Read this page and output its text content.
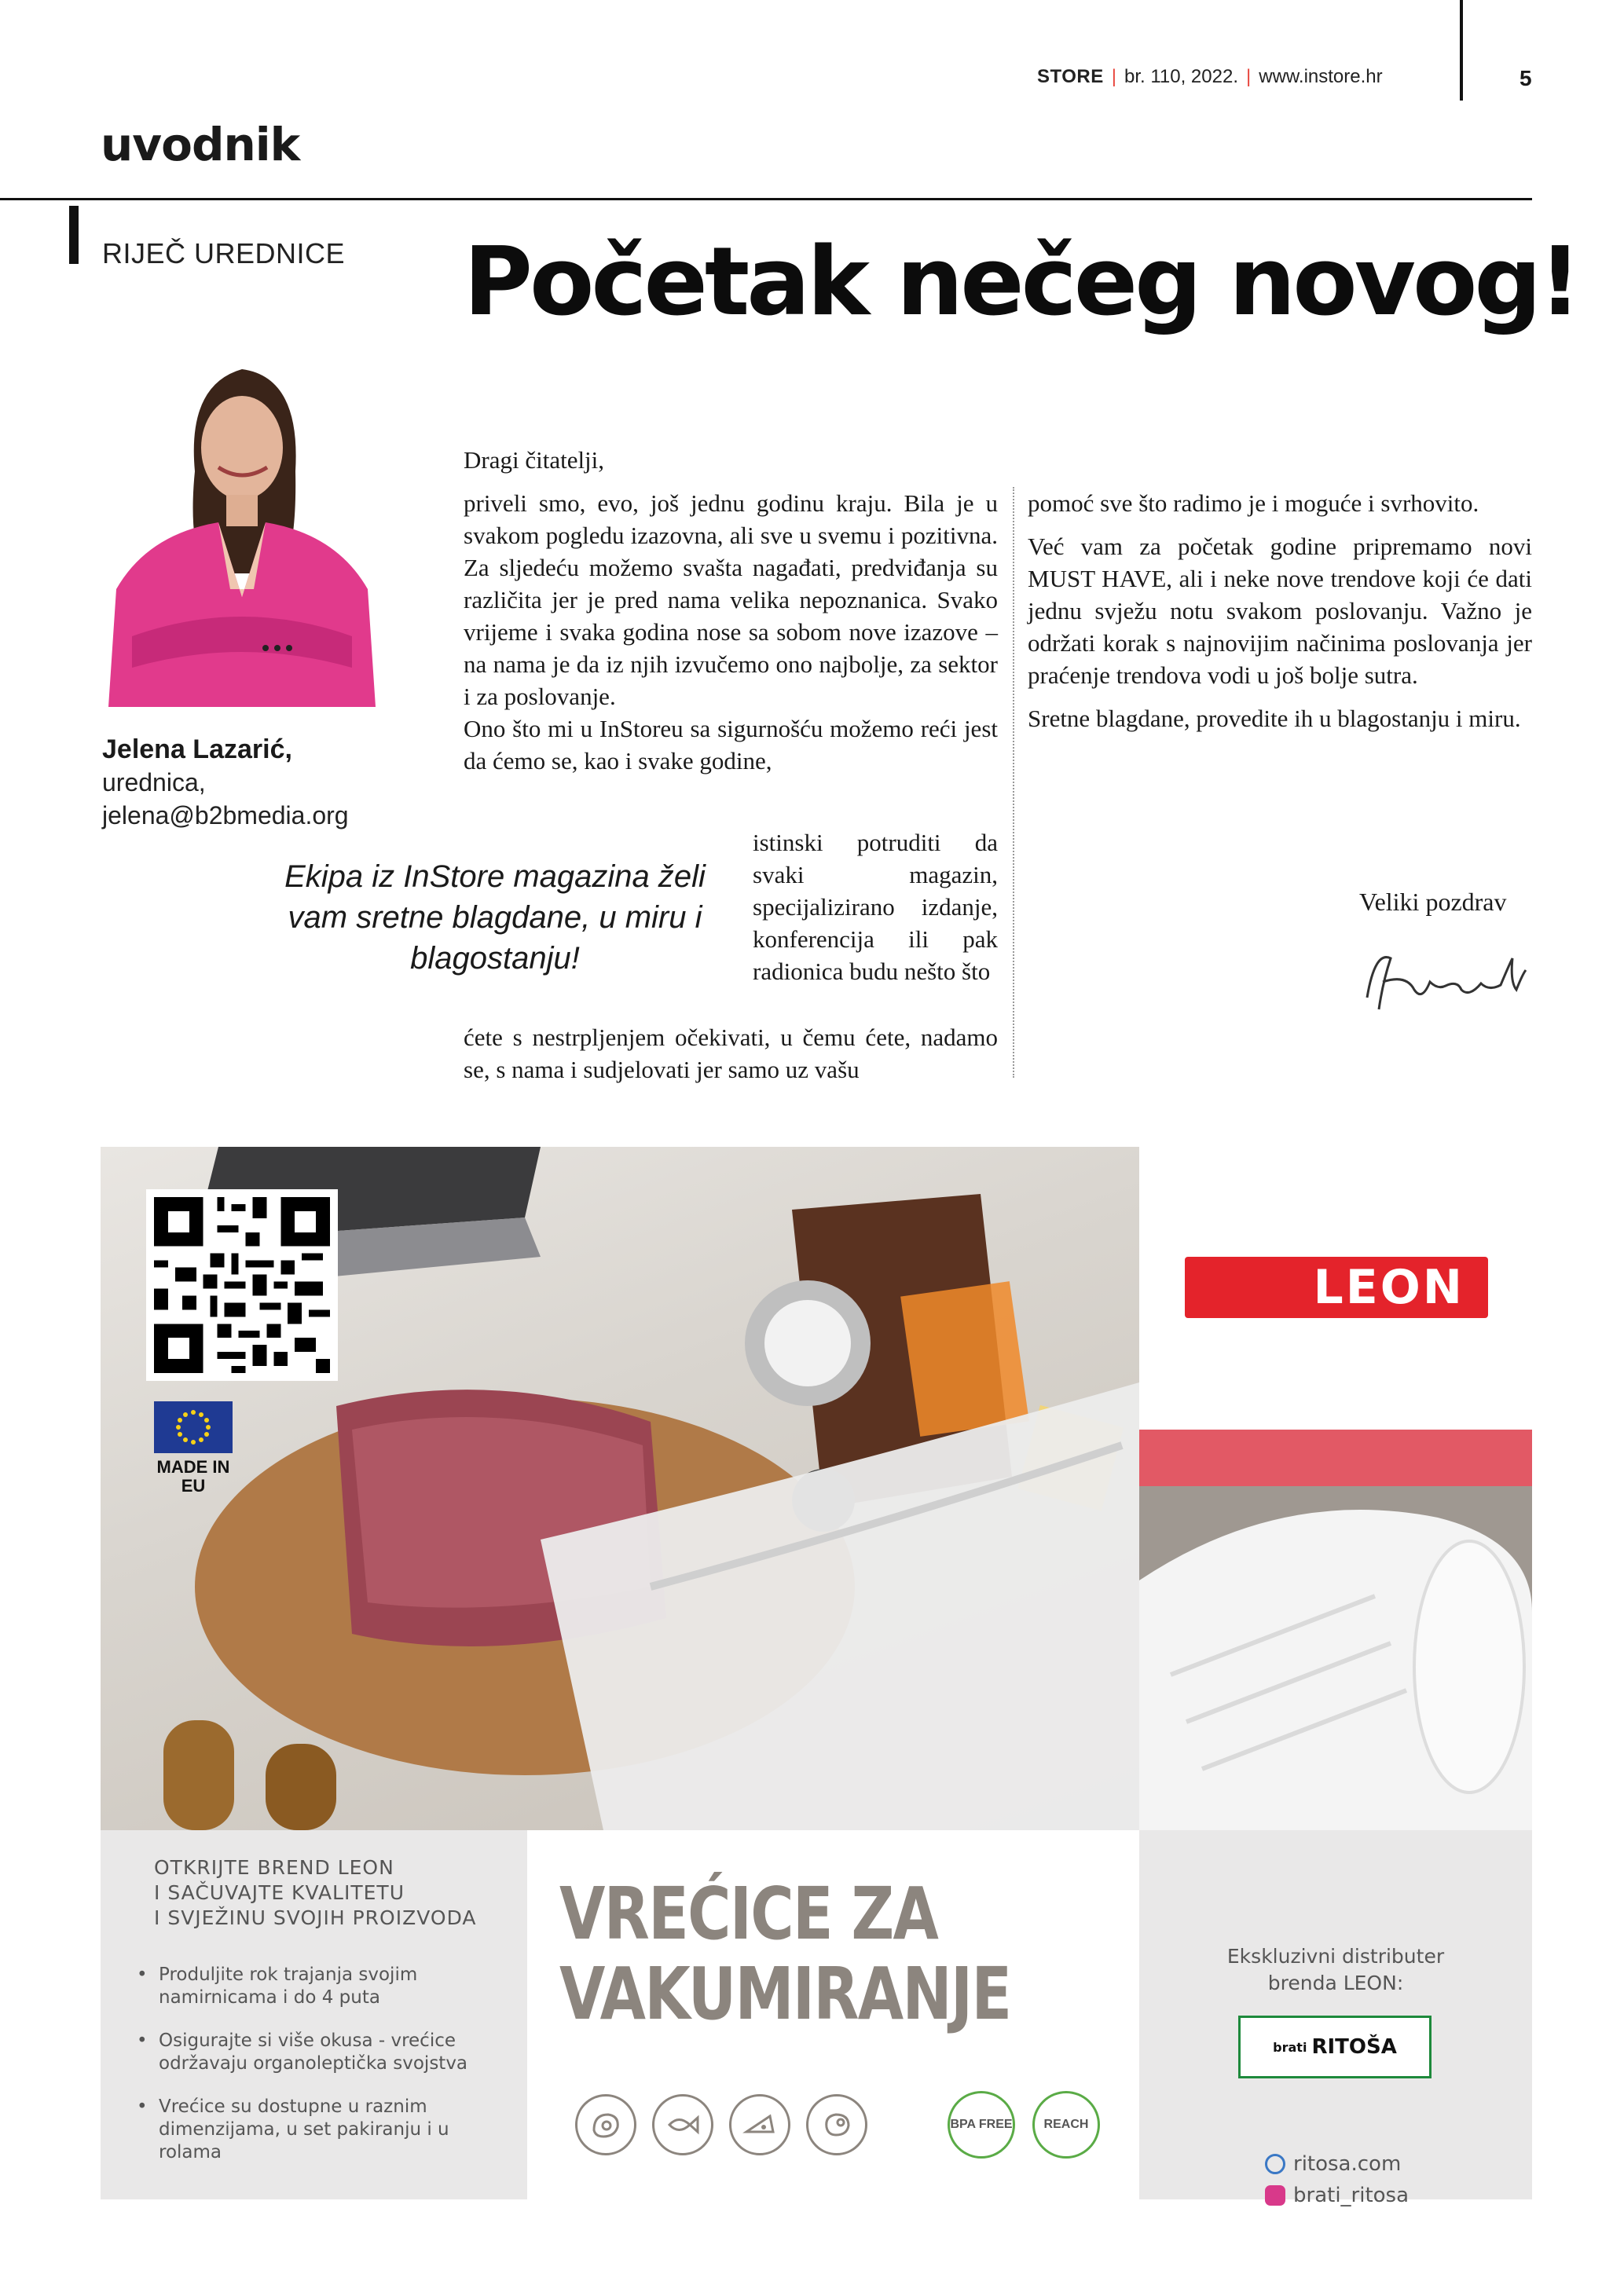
STORE | br. 110, 2022. | www.instore.hr	5
uvodnik
RIJEČ UREDNICE Početak nečeg novog!
Jelena Lazarić,
urednica,
jelena@b2bmedia.org
Dragi čitatelji,

priveli smo, evo, još jednu godinu kraju. Bila je u svakom pogledu izazovna, ali sve u svemu i pozitivna. Za sljedeću možemo svašta nagađati, predviđanja su različita jer je pred nama velika nepoznanica. Svako vrijeme i svaka godina nose sa sobom nove izazove – na nama je da iz njih izvučemo ono najbolje, za sektor i za poslovanje.

Ono što mi u InStoreu sa sigurnošću možemo reći jest da ćemo se, kao i svake godine,

istinski potruditi da svaki magazin, specijalizirano izdanje, konferencija ili pak radionica budu nešto što
ćete s nestrpljenjem očekivati, u čemu ćete, nadamo se, s nama i sudjelovati jer samo uz vašu
Ekipa iz InStore magazina želi vam sretne blagdane, u miru i blagostanju!

pomoć sve što radimo je i moguće i svrhovito.

Već vam za početak godine pripremamo novi MUST HAVE, ali i neke nove trendove koji će dati jednu svježu notu svakom poslovanju. Važno je održati korak s najnovijim načinima poslovanja jer praćenje trendova vodi u još bolje sutra.

Sretne blagdane, provedite ih u blagostanju i miru.

Veliki pozdrav
MADE IN EU
LEON
OTKRIJTE BREND LEON
I SAČUVAJTE KVALITETU
I SVJEŽINU SVOJIH PROIZVODA
• Produljite rok trajanja svojim namirnicama i do 4 puta
• Osigurajte si više okusa - vrećice održavaju organoleptička svojstva
• Vrećice su dostupne u raznim dimenzijama, u set pakiranju i u rolama
VREĆICE ZA
VAKUMIRANJE
BPA FREE	REACH
Ekskluzivni distributer
brenda LEON:
brati RITOŠA
ritosa.com
brati_ritosa
